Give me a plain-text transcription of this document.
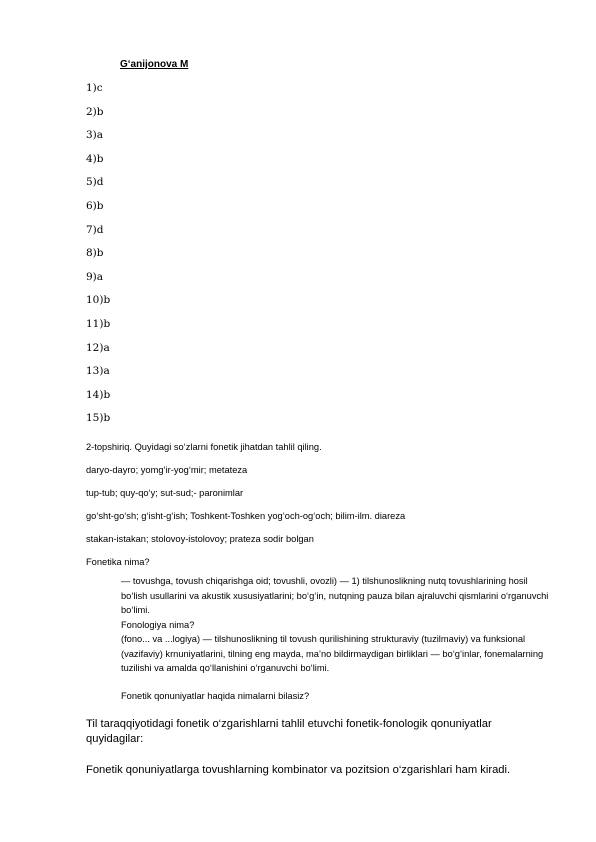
G‘anijonova M
1)c
2)b
3)a
4)b
5)d
6)b
7)d
8)b
9)a
10)b
11)b
12)a
13)a
14)b
15)b
2-topshiriq. Quyidagi so‘zlarni fonetik jihatdan tahlil qiling.
daryo-dayro; yomg‘ir-yog‘mir; metateza
tup-tub; quy-qo‘y; sut-sud;- paronimlar
go‘sht-go‘sh; g‘isht-g‘ish; Toshkent-Toshken yog‘och-og‘och; bilim-ilm. diareza
stakan-istakan; stolovoy-istolovoy; prateza sodir bolgan
Fonetika nima?

— tovushga, tovush chiqarishga oid; tovushli, ovozli) — 1) tilshunoslikning nutq tovushlarining hosil bo‘lish usullarini va akustik xususiyatlarini; bo‘g‘in, nutqning pauza bilan ajraluvchi qismlarini o‘rganuvchi bo‘limi.

Fonologiya nima?

(fono... va ...logiya) — tilshunoslikning til tovush qurilishining strukturaviy (tuzilmaviy) va funksional (vazifaviy) krnuniyatlarini, tilning eng mayda, ma’no bildirmaydigan birliklari — bo‘g‘inlar, fonemalarning tuzilishi va amalda qo‘llanishini o‘rganuvchi bo‘limi.

Fonetik qonuniyatlar haqida nimalarni bilasiz?

Til taraqqiyotidagi fonetik o‘zgarishlarni tahlil etuvchi fonetik-fonologik qonuniyatlar quyidagilar:
Fonetik qonuniyatlarga tovushlarning kombinator va pozitsion o‘zgarishlari ham kiradi.
